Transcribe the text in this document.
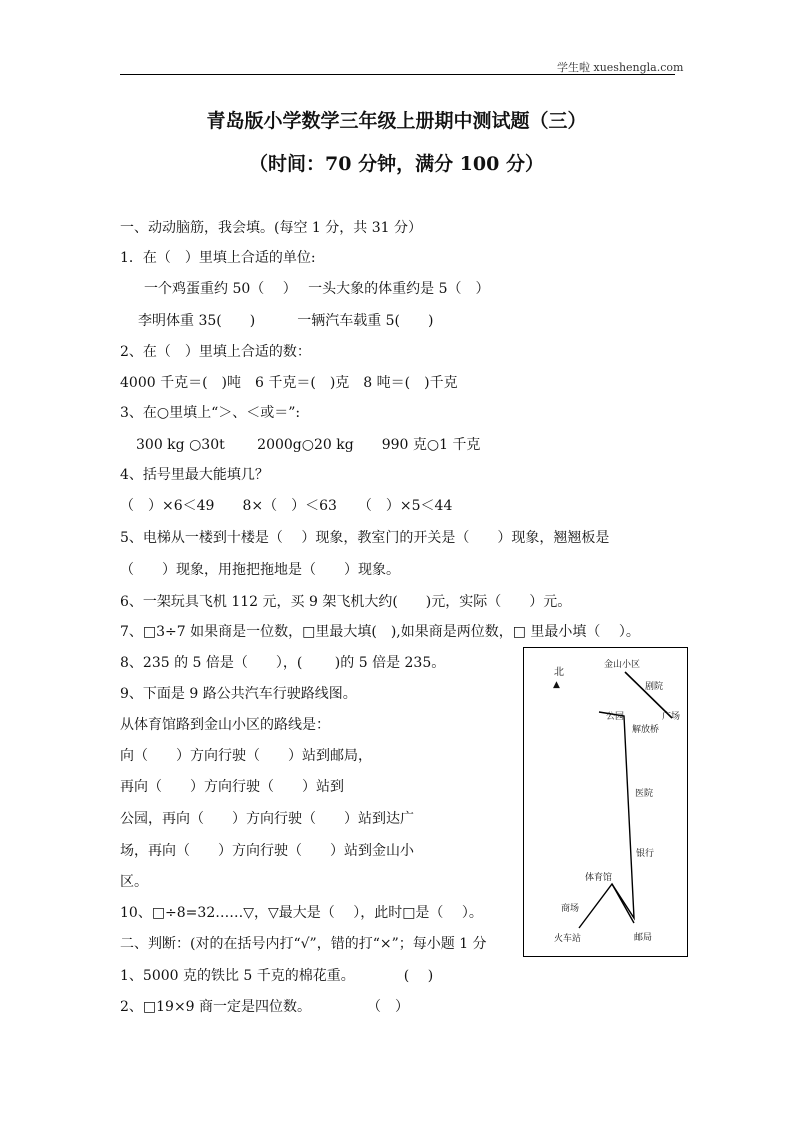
学生啦 xueshengla.com
青岛版小学数学三年级上册期中测试题（三）
（时间：70 分钟，满分 100 分）
一、动动脑筋，我会填。(每空 1 分，共 31 分）
1．在（　）里填上合适的单位:
一个鸡蛋重约 50（　 ）　 一头大象的体重约是 5（　）
李明体重 35(　　)　　　一辆汽车载重 5(　　)
2、在（　）里填上合适的数：
4000 千克＝(　)吨　6 千克＝(　)克　8 吨＝(　)千克
3、在○里填上“＞、＜或＝”:
300 kg ○30t　　 2000g○20 kg　　990 克○1 千克
4、括号里最大能填几？
（　）×6＜49　　8×（　）＜63　　（　）×5＜44
5、电梯从一楼到十楼是（　 ）现象，教室门的开关是（　　）现象，翘翘板是
（　　）现象，用拖把拖地是（　　）现象。
6、一架玩具飞机 112 元，买 9 架飞机大约(　　)元，实际（　　）元。
7、□3÷7 如果商是一位数，□里最大填(　),如果商是两位数，□ 里最小填（　 ）。
8、235 的 5 倍是（　　），(　　 )的 5 倍是 235。
9、下面是 9 路公共汽车行驶路线图。
从体育馆路到金山小区的路线是：
向（　　）方向行驶（　　）站到邮局，
再向（　　）方向行驶（　　）站到
公园，再向（　　）方向行驶（　　）站到达广
场，再向（　　）方向行驶（　　）站到金山小
区。
10、□÷8=32……▽，▽最大是（　 ），此时□是（　 ）。
二、判断：(对的在括号内打“√”，错的打“×”；每小题 1 分
1、5000 克的铁比 5 千克的棉花重。　　　　(　 )
2、□19×9 商一定是四位数。　　　　　（　）
北
▲
金山小区
剧院
公园	广场
解放桥
医院
银行
体育馆
商场
火车站	邮局
